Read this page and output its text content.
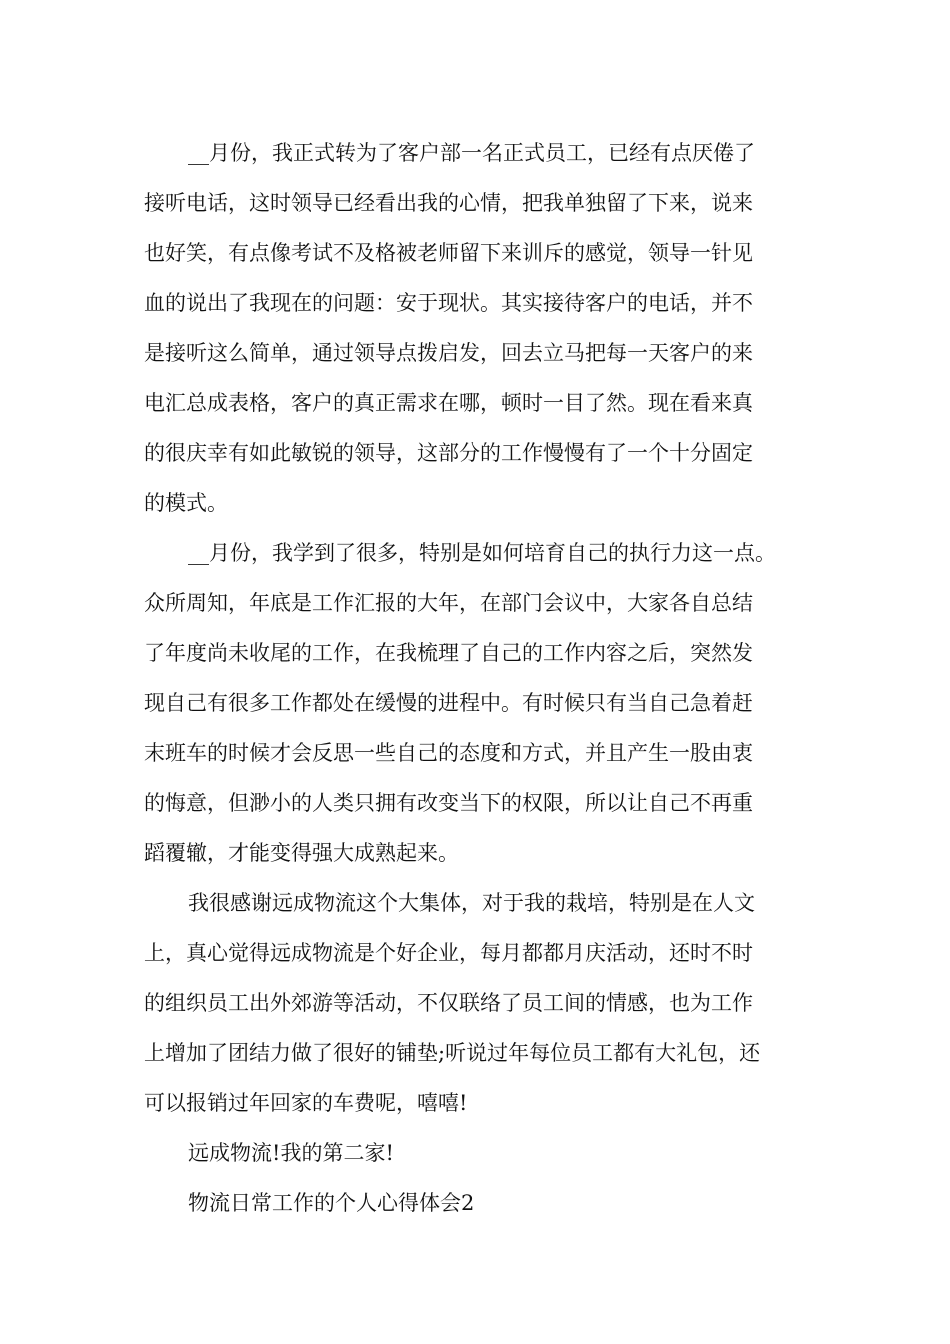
__月份，我正式转为了客户部一名正式员工，已经有点厌倦了
接听电话，这时领导已经看出我的心情，把我单独留了下来，说来
也好笑，有点像考试不及格被老师留下来训斥的感觉，领导一针见
血的说出了我现在的问题：安于现状。其实接待客户的电话，并不
是接听这么简单，通过领导点拨启发，回去立马把每一天客户的来
电汇总成表格，客户的真正需求在哪，顿时一目了然。现在看来真
的很庆幸有如此敏锐的领导，这部分的工作慢慢有了一个十分固定
的模式。
__月份，我学到了很多，特别是如何培育自己的执行力这一点。
众所周知，年底是工作汇报的大年，在部门会议中，大家各自总结
了年度尚未收尾的工作，在我梳理了自己的工作内容之后，突然发
现自己有很多工作都处在缓慢的进程中。有时候只有当自己急着赶
末班车的时候才会反思一些自己的态度和方式，并且产生一股由衷
的悔意，但渺小的人类只拥有改变当下的权限，所以让自己不再重
蹈覆辙，才能变得强大成熟起来。
我很感谢远成物流这个大集体，对于我的栽培，特别是在人文
上，真心觉得远成物流是个好企业，每月都都月庆活动，还时不时
的组织员工出外郊游等活动，不仅联络了员工间的情感，也为工作
上增加了团结力做了很好的铺垫;听说过年每位员工都有大礼包，还
可以报销过年回家的车费呢，嘻嘻!
远成物流!我的第二家!
物流日常工作的个人心得体会2
